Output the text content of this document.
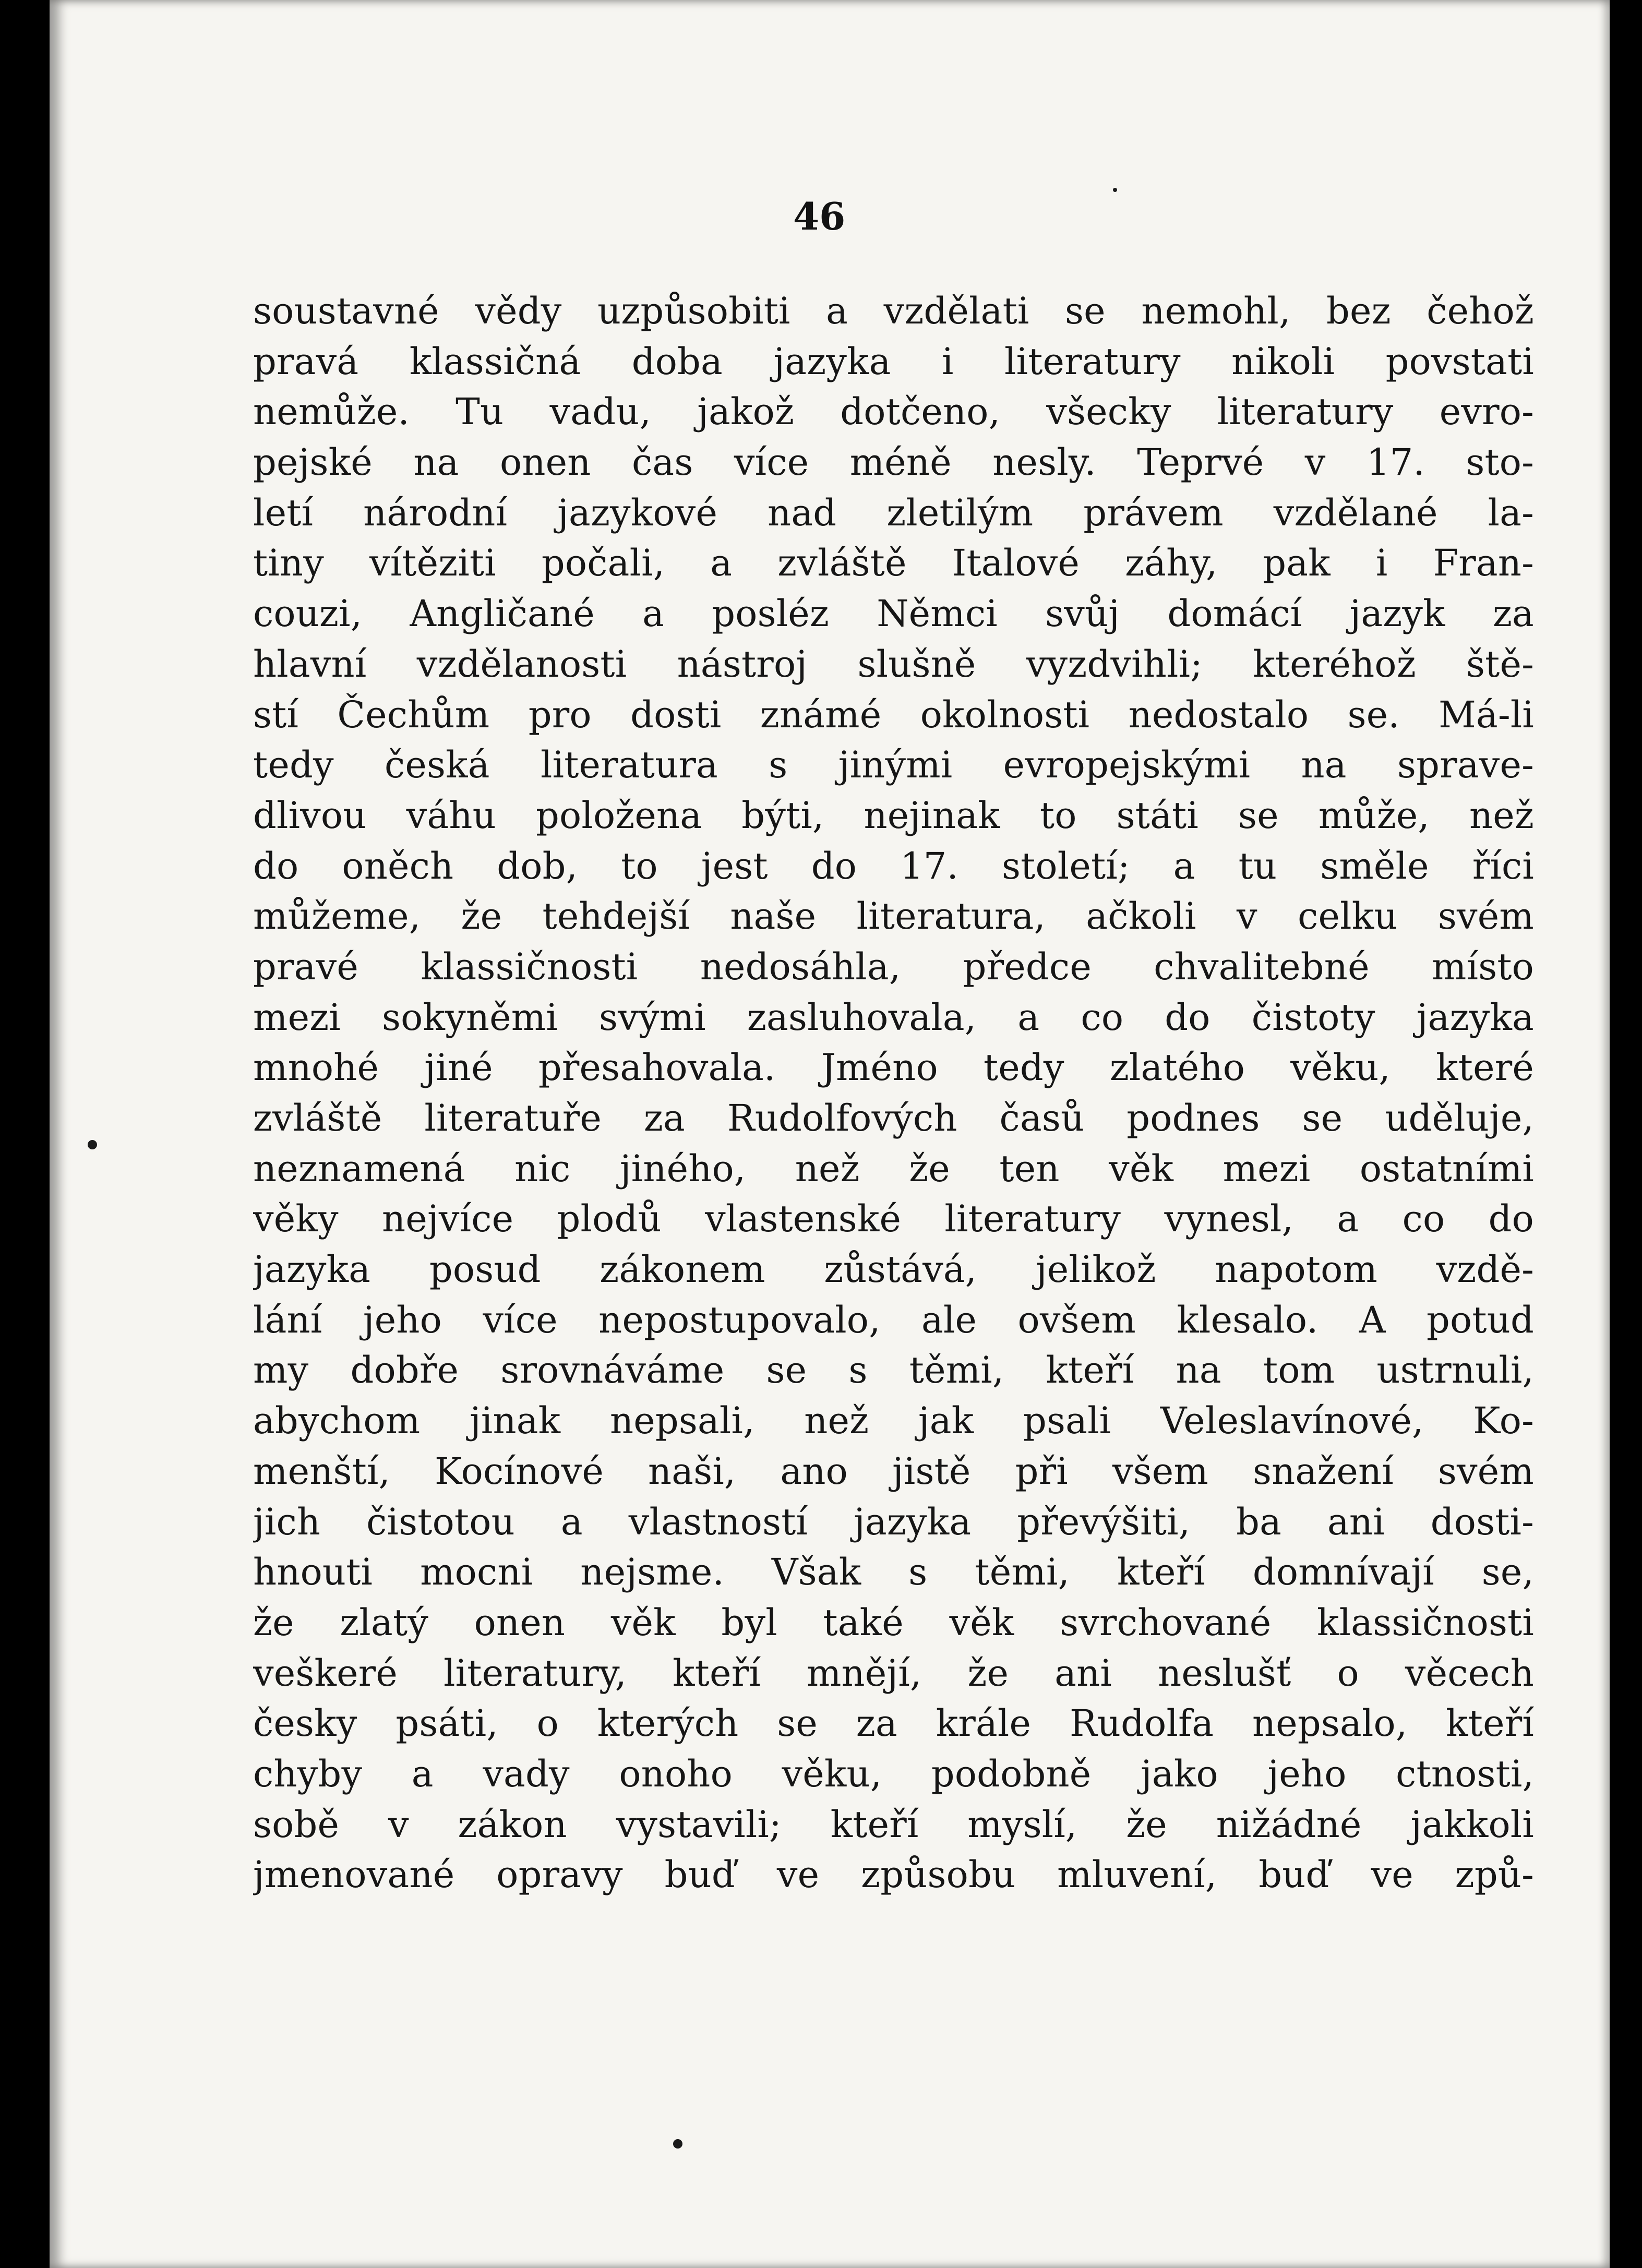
46
soustavné vědy uzpůsobiti a vzdělati se nemohl, bez čehož
pravá klassičná doba jazyka i literatury nikoli povstati
nemůže. Tu vadu, jakož dotčeno, všecky literatury evro-
pejské na onen čas více méně nesly. Teprvé v 17. sto-
letí národní jazykové nad zletilým právem vzdělané la-
tiny vítěziti počali, a zvláště Italové záhy, pak i Fran-
couzi, Angličané a posléz Němci svůj domácí jazyk za
hlavní vzdělanosti nástroj slušně vyzdvihli; kteréhož ště-
stí Čechům pro dosti známé okolnosti nedostalo se. Má-li
tedy česká literatura s jinými evropejskými na sprave-
dlivou váhu položena býti, nejinak to státi se může, než
do oněch dob, to jest do 17. století; a tu směle říci
můžeme, že tehdejší naše literatura, ačkoli v celku svém
pravé klassičnosti nedosáhla, předce chvalitebné místo
mezi sokyněmi svými zasluhovala, a co do čistoty jazyka
mnohé jiné přesahovala. Jméno tedy zlatého věku, které
zvláště literatuře za Rudolfových časů podnes se uděluje,
neznamená nic jiného, než že ten věk mezi ostatními
věky nejvíce plodů vlastenské literatury vynesl, a co do
jazyka posud zákonem zůstává, jelikož napotom vzdě-
lání jeho více nepostupovalo, ale ovšem klesalo. A potud
my dobře srovnáváme se s těmi, kteří na tom ustrnuli,
abychom jinak nepsali, než jak psali Veleslavínové, Ko-
menští, Kocínové naši, ano jistě při všem snažení svém
jich čistotou a vlastností jazyka převýšiti, ba ani dosti-
hnouti mocni nejsme. Však s těmi, kteří domnívají se,
že zlatý onen věk byl také věk svrchované klassičnosti
veškeré literatury, kteří mnějí, že ani neslušť o věcech
česky psáti, o kterých se za krále Rudolfa nepsalo, kteří
chyby a vady onoho věku, podobně jako jeho ctnosti,
sobě v zákon vystavili; kteří myslí, že nižádné jakkoli
jmenované opravy buď ve způsobu mluvení, buď ve způ-
